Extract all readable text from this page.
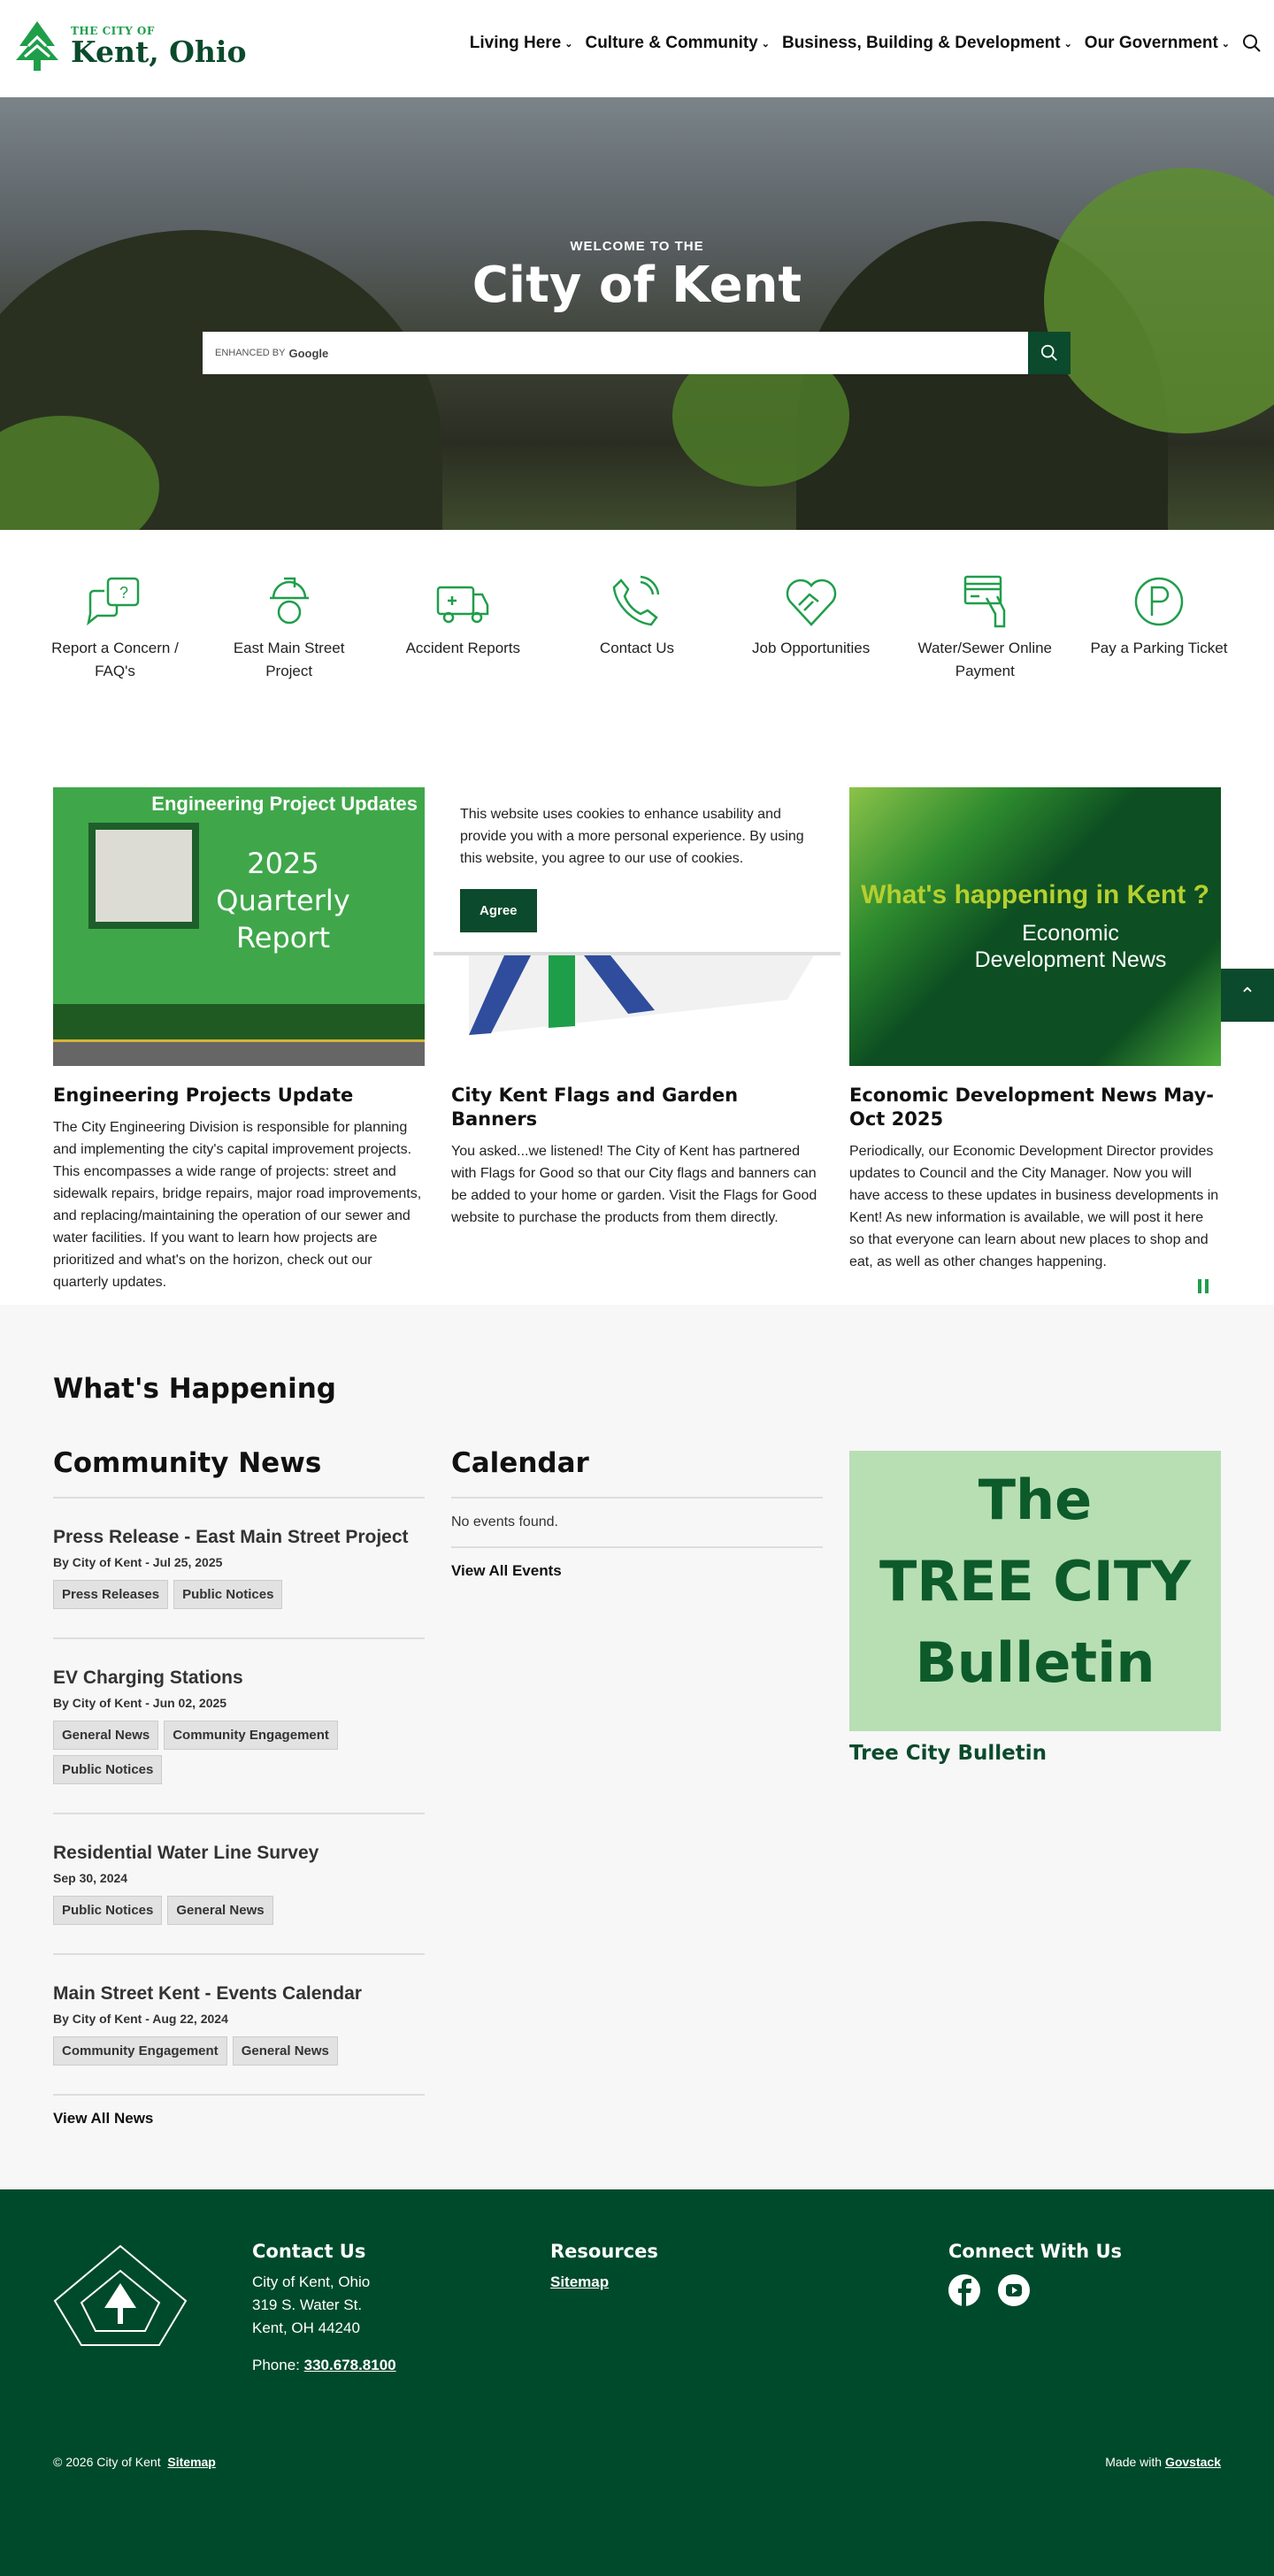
THE CITY OF
Kent, Ohio	Living Here ⌄ Culture & Community ⌄ Business, Building & Development ⌄ Our Government ⌄
WELCOME TO THE
City of Kent
ENHANCED BY Google
?
Report a Concern / FAQ's
East Main Street Project
Accident Reports	Contact Us	Job Opportunities	Water/Sewer Online Payment
Pay a Parking Ticket
Engineering Project Updates
2025
Quarterly
Report
Engineering Projects Update

The City Engineering Division is responsible for planning and implementing the city's capital improvement projects. This encompasses a wide range of projects: street and sidewalk repairs, bridge repairs, major road improvements, and replacing/maintaining the operation of our sewer and water facilities. If you want to learn how projects are prioritized and what's on the horizon, check out our quarterly updates.

City Kent Flags and Garden Banners

You asked...we listened! The City of Kent has partnered with Flags for Good so that our City flags and banners can be added to your home or garden. Visit the Flags for Good website to purchase the products from them directly.

What's happening in Kent ?
Economic
Development News
Economic Development News May-Oct 2025

Periodically, our Economic Development Director provides updates to Council and the City Manager. Now you will have access to these updates in business developments in Kent! As new information is available, we will post it here so that everyone can learn about new places to shop and eat, as well as other changes happening.

This website uses cookies to enhance usability and provide you with a more personal experience. By using this website, you agree to our use of cookies.
Agree
⌃
What's Happening
Community News
Press Release - East Main Street Project
By City of Kent - Jul 25, 2025
Press Releases	Public Notices
EV Charging Stations
By City of Kent - Jun 02, 2025
General News	Community Engagement
Public Notices
Residential Water Line Survey
Sep 30, 2024
Public Notices	General News
Main Street Kent - Events Calendar
By City of Kent - Aug 22, 2024
Community Engagement	General News
View All News
Calendar
No events found.
View All Events
The
TREE CITY
Bulletin
Tree City Bulletin
Contact Us
City of Kent, Ohio
319 S. Water St.
Kent, OH 44240
Phone: 330.678.8100
Resources
Sitemap
Connect With Us
© 2026 City of Kent Sitemap	Made with Govstack
